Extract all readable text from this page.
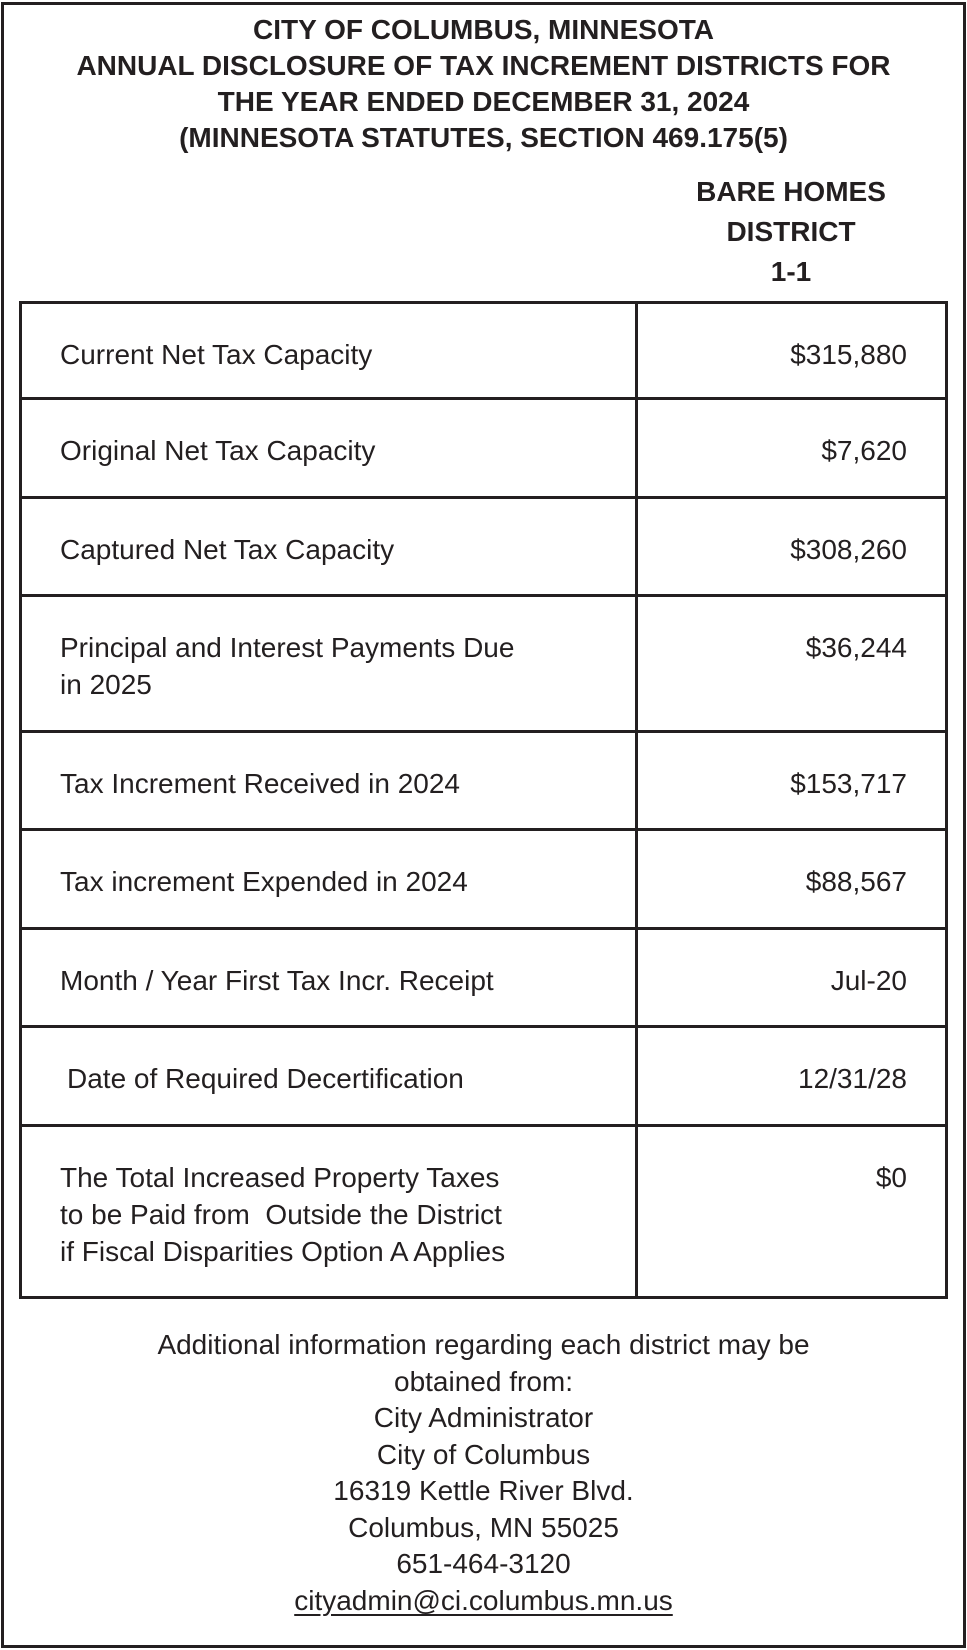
CITY OF COLUMBUS, MINNESOTA
ANNUAL DISCLOSURE OF TAX INCREMENT DISTRICTS FOR
THE YEAR ENDED DECEMBER 31, 2024
(MINNESOTA STATUTES, SECTION 469.175(5)
BARE HOMES
DISTRICT
1-1
Current Net Tax Capacity	$315,880
Original Net Tax Capacity	$7,620
Captured Net Tax Capacity	$308,260

Principal and Interest Payments Due
in 2025	$36,244
Tax Increment Received in 2024	$153,717
Tax increment Expended in 2024	$88,567
Month / Year First Tax Incr. Receipt	Jul-20
Date of Required Decertification	12/31/28

The Total Increased Property Taxes
to be Paid from  Outside the District
if Fiscal Disparities Option A Applies	$0
Additional information regarding each district may be
obtained from:
City Administrator
City of Columbus
16319 Kettle River Blvd.
Columbus, MN 55025
651-464-3120
cityadmin@ci.columbus.mn.us
